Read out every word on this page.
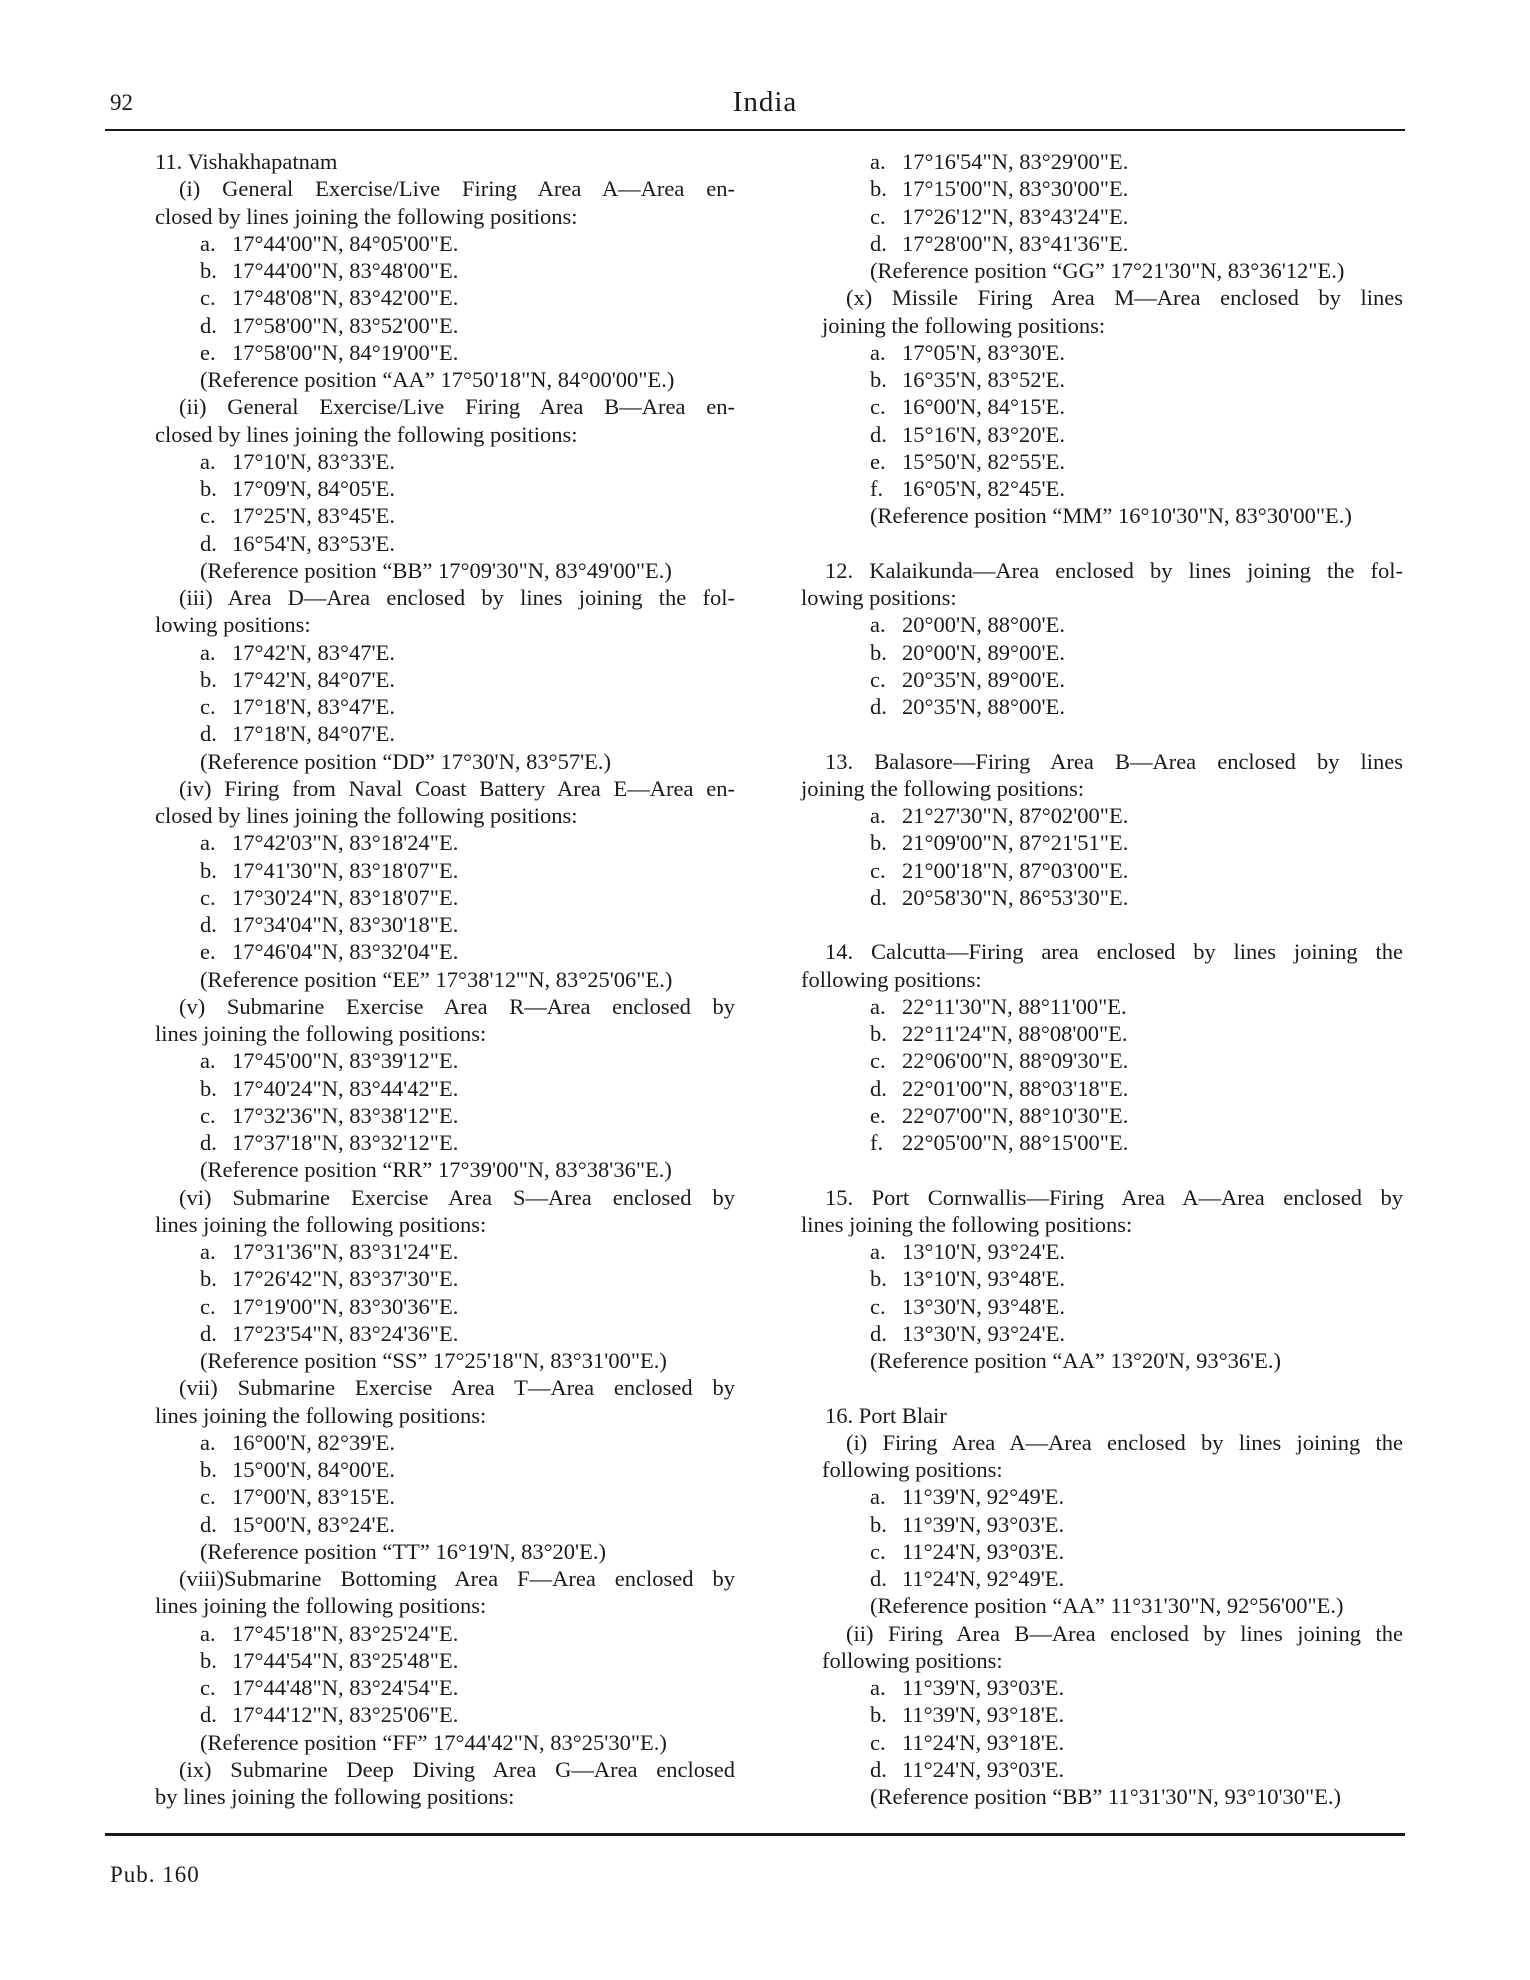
92	India
11. Vishakhapatnam
(i) General Exercise/Live Firing Area A—Area en-
closed by lines joining the following positions:
a. 17°44'00"N, 84°05'00"E.
b. 17°44'00"N, 83°48'00"E.
c. 17°48'08"N, 83°42'00"E.
d. 17°58'00"N, 83°52'00"E.
e. 17°58'00"N, 84°19'00"E.
(Reference position “AA” 17°50'18"N, 84°00'00"E.)
(ii) General Exercise/Live Firing Area B—Area en-
closed by lines joining the following positions:
a. 17°10'N, 83°33'E.
b. 17°09'N, 84°05'E.
c. 17°25'N, 83°45'E.
d. 16°54'N, 83°53'E.
(Reference position “BB” 17°09'30"N, 83°49'00"E.)
(iii) Area D—Area enclosed by lines joining the fol-
lowing positions:
a. 17°42'N, 83°47'E.
b. 17°42'N, 84°07'E.
c. 17°18'N, 83°47'E.
d. 17°18'N, 84°07'E.
(Reference position “DD” 17°30'N, 83°57'E.)
(iv) Firing from Naval Coast Battery Area E—Area en-
closed by lines joining the following positions:
a. 17°42'03"N, 83°18'24"E.
b. 17°41'30"N, 83°18'07"E.
c. 17°30'24"N, 83°18'07"E.
d. 17°34'04"N, 83°30'18"E.
e. 17°46'04"N, 83°32'04"E.
(Reference position “EE” 17°38'12'''N, 83°25'06"E.)
(v) Submarine Exercise Area R—Area enclosed by
lines joining the following positions:
a. 17°45'00"N, 83°39'12"E.
b. 17°40'24"N, 83°44'42"E.
c. 17°32'36"N, 83°38'12"E.
d. 17°37'18"N, 83°32'12"E.
(Reference position “RR” 17°39'00"N, 83°38'36"E.)
(vi) Submarine Exercise Area S—Area enclosed by
lines joining the following positions:
a. 17°31'36"N, 83°31'24"E.
b. 17°26'42"N, 83°37'30"E.
c. 17°19'00"N, 83°30'36"E.
d. 17°23'54"N, 83°24'36"E.
(Reference position “SS” 17°25'18"N, 83°31'00"E.)
(vii) Submarine Exercise Area T—Area enclosed by
lines joining the following positions:
a. 16°00'N, 82°39'E.
b. 15°00'N, 84°00'E.
c. 17°00'N, 83°15'E.
d. 15°00'N, 83°24'E.
(Reference position “TT” 16°19'N, 83°20'E.)
(viii)Submarine Bottoming Area F—Area enclosed by
lines joining the following positions:
a. 17°45'18"N, 83°25'24"E.
b. 17°44'54"N, 83°25'48"E.
c. 17°44'48"N, 83°24'54"E.
d. 17°44'12"N, 83°25'06"E.
(Reference position “FF” 17°44'42"N, 83°25'30"E.)
(ix) Submarine Deep Diving Area G—Area enclosed
by lines joining the following positions:
a. 17°16'54"N, 83°29'00"E.
b. 17°15'00"N, 83°30'00"E.
c. 17°26'12"N, 83°43'24"E.
d. 17°28'00"N, 83°41'36"E.
(Reference position “GG” 17°21'30"N, 83°36'12"E.)
(x) Missile Firing Area M—Area enclosed by lines
joining the following positions:
a. 17°05'N, 83°30'E.
b. 16°35'N, 83°52'E.
c. 16°00'N, 84°15'E.
d. 15°16'N, 83°20'E.
e. 15°50'N, 82°55'E.
f. 16°05'N, 82°45'E.
(Reference position “MM” 16°10'30"N, 83°30'00"E.)
12. Kalaikunda—Area enclosed by lines joining the fol-
lowing positions:
a. 20°00'N, 88°00'E.
b. 20°00'N, 89°00'E.
c. 20°35'N, 89°00'E.
d. 20°35'N, 88°00'E.
13. Balasore—Firing Area B—Area enclosed by lines
joining the following positions:
a. 21°27'30"N, 87°02'00"E.
b. 21°09'00"N, 87°21'51"E.
c. 21°00'18"N, 87°03'00"E.
d. 20°58'30"N, 86°53'30"E.
14. Calcutta—Firing area enclosed by lines joining the
following positions:
a. 22°11'30"N, 88°11'00"E.
b. 22°11'24"N, 88°08'00"E.
c. 22°06'00"N, 88°09'30"E.
d. 22°01'00"N, 88°03'18"E.
e. 22°07'00"N, 88°10'30"E.
f. 22°05'00"N, 88°15'00"E.
15. Port Cornwallis—Firing Area A—Area enclosed by
lines joining the following positions:
a. 13°10'N, 93°24'E.
b. 13°10'N, 93°48'E.
c. 13°30'N, 93°48'E.
d. 13°30'N, 93°24'E.
(Reference position “AA” 13°20'N, 93°36'E.)
16. Port Blair
(i) Firing Area A—Area enclosed by lines joining the
following positions:
a. 11°39'N, 92°49'E.
b. 11°39'N, 93°03'E.
c. 11°24'N, 93°03'E.
d. 11°24'N, 92°49'E.
(Reference position “AA” 11°31'30"N, 92°56'00"E.)
(ii) Firing Area B—Area enclosed by lines joining the
following positions:
a. 11°39'N, 93°03'E.
b. 11°39'N, 93°18'E.
c. 11°24'N, 93°18'E.
d. 11°24'N, 93°03'E.
(Reference position “BB” 11°31'30"N, 93°10'30"E.)
Pub. 160
